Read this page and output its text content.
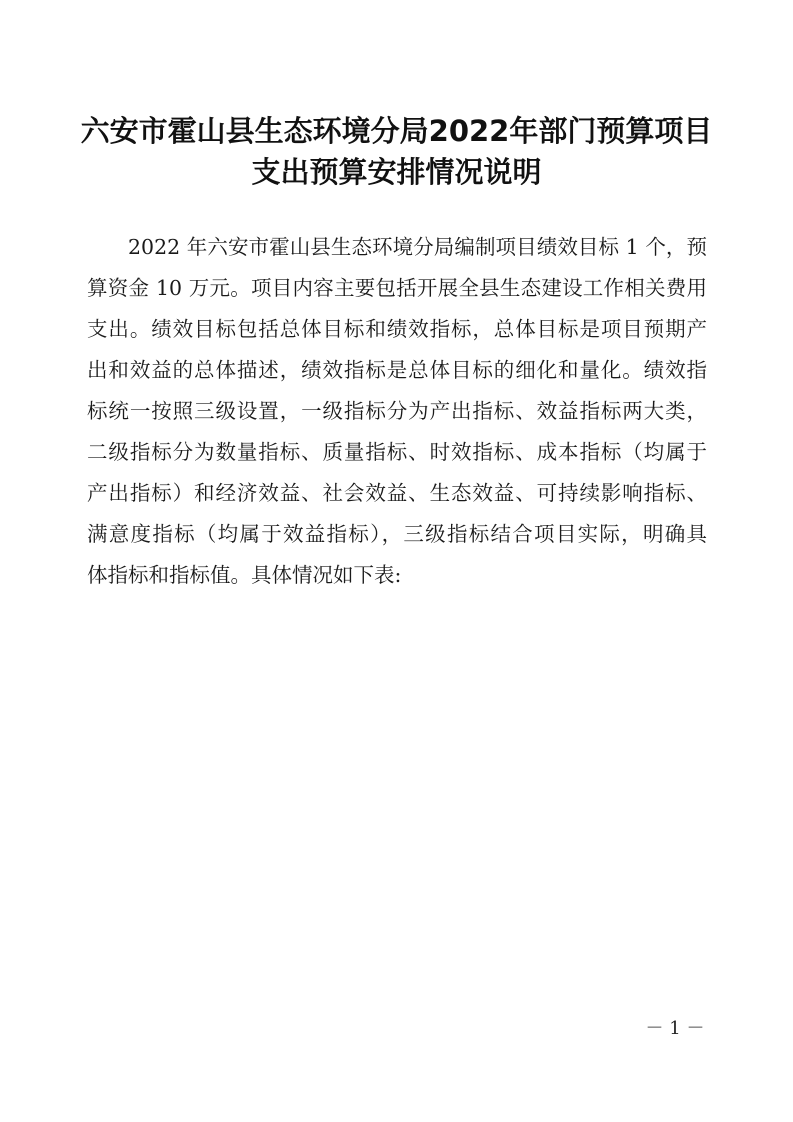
六安市霍山县生态环境分局2022年部门预算项目
支出预算安排情况说明
2022 年六安市霍山县生态环境分局编制项目绩效目标 1 个，预
算资金 10 万元。项目内容主要包括开展全县生态建设工作相关费用
支出。绩效目标包括总体目标和绩效指标，总体目标是项目预期产
出和效益的总体描述，绩效指标是总体目标的细化和量化。绩效指
标统一按照三级设置，一级指标分为产出指标、效益指标两大类，
二级指标分为数量指标、质量指标、时效指标、成本指标（均属于
产出指标）和经济效益、社会效益、生态效益、可持续影响指标、
满意度指标（均属于效益指标），三级指标结合项目实际，明确具
体指标和指标值。具体情况如下表:
－ 1 －
